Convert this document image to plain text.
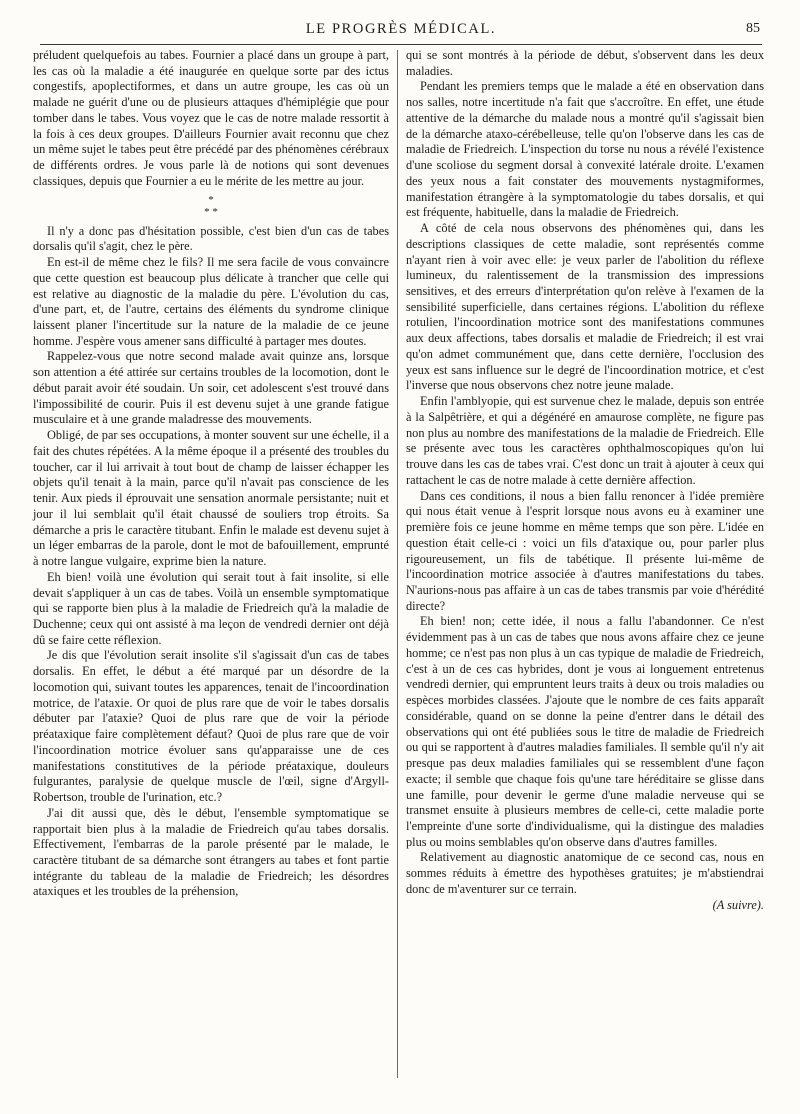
LE PROGRÈS MÉDICAL.	85

préludent quelquefois au tabes. Fournier a placé dans un groupe à part, les cas où la maladie a été inaugurée en quelque sorte par des ictus congestifs, apoplectiformes, et dans un autre groupe, les cas où un malade ne guérit d'une ou de plusieurs attaques d'hémiplégie que pour tomber dans le tabes. Vous voyez que le cas de notre malade ressortit à la fois à ces deux groupes. D'ailleurs Fournier avait reconnu que chez un même sujet le tabes peut être précédé par des phénomènes cérébraux de différents ordres. Je vous parle là de notions qui sont devenues classiques, depuis que Fournier a eu le mérite de les mettre au jour.

*
* *

Il n'y a donc pas d'hésitation possible, c'est bien d'un cas de tabes dorsalis qu'il s'agit, chez le père.

En est-il de même chez le fils? Il me sera facile de vous convaincre que cette question est beaucoup plus délicate à trancher que celle qui est relative au diagnostic de la maladie du père. L'évolution du cas, d'une part, et, de l'autre, certains des éléments du syndrome clinique laissent planer l'incertitude sur la nature de la maladie de ce jeune homme. J'espère vous amener sans difficulté à partager mes doutes.

Rappelez-vous que notre second malade avait quinze ans, lorsque son attention a été attirée sur certains troubles de la locomotion, dont le début parait avoir été soudain. Un soir, cet adolescent s'est trouvé dans l'impossibilité de courir. Puis il est devenu sujet à une grande fatigue musculaire et à une grande maladresse des mouvements.

Obligé, de par ses occupations, à monter souvent sur une échelle, il a fait des chutes répétées. A la même époque il a présenté des troubles du toucher, car il lui arrivait à tout bout de champ de laisser échapper les objets qu'il tenait à la main, parce qu'il n'avait pas conscience de les tenir. Aux pieds il éprouvait une sensation anormale persistante; nuit et jour il lui semblait qu'il était chaussé de souliers trop étroits. Sa démarche a pris le caractère titubant. Enfin le malade est devenu sujet à un léger embarras de la parole, dont le mot de bafouillement, emprunté à notre langue vulgaire, exprime bien la nature.

Eh bien! voilà une évolution qui serait tout à fait insolite, si elle devait s'appliquer à un cas de tabes. Voilà un ensemble symptomatique qui se rapporte bien plus à la maladie de Friedreich qu'à la maladie de Duchenne; ceux qui ont assisté à ma leçon de vendredi dernier ont déjà dû se faire cette réflexion.

Je dis que l'évolution serait insolite s'il s'agissait d'un cas de tabes dorsalis. En effet, le début a été marqué par un désordre de la locomotion qui, suivant toutes les apparences, tenait de l'incoordination motrice, de l'ataxie. Or quoi de plus rare que de voir le tabes dorsalis débuter par l'ataxie? Quoi de plus rare que de voir la période préataxique faire complètement défaut? Quoi de plus rare que de voir l'incoordination motrice évoluer sans qu'apparaisse une de ces manifestations constitutives de la période préataxique, douleurs fulgurantes, paralysie de quelque muscle de l'œil, signe d'Argyll-Robertson, trouble de l'urination, etc.?

J'ai dit aussi que, dès le début, l'ensemble symptomatique se rapportait bien plus à la maladie de Friedreich qu'au tabes dorsalis. Effectivement, l'embarras de la parole présenté par le malade, le caractère titubant de sa démarche sont étrangers au tabes et font partie intégrante du tableau de la maladie de Friedreich; les désordres ataxiques et les troubles de la préhension,

qui se sont montrés à la période de début, s'observent dans les deux maladies.

Pendant les premiers temps que le malade a été en observation dans nos salles, notre incertitude n'a fait que s'accroître. En effet, une étude attentive de la démarche du malade nous a montré qu'il s'agissait bien de la démarche ataxo-cérébelleuse, telle qu'on l'observe dans les cas de maladie de Friedreich. L'inspection du torse nu nous a révélé l'existence d'une scoliose du segment dorsal à convexité latérale droite. L'examen des yeux nous a fait constater des mouvements nystagmiformes, manifestation étrangère à la symptomatologie du tabes dorsalis, et qui est fréquente, habituelle, dans la maladie de Friedreich.

A côté de cela nous observons des phénomènes qui, dans les descriptions classiques de cette maladie, sont représentés comme n'ayant rien à voir avec elle: je veux parler de l'abolition du réflexe lumineux, du ralentissement de la transmission des impressions sensitives, et des erreurs d'interprétation qu'on relève à l'examen de la sensibilité superficielle, dans certaines régions. L'abolition du réflexe rotulien, l'incoordination motrice sont des manifestations communes aux deux affections, tabes dorsalis et maladie de Friedreich; il est vrai qu'on admet communément que, dans cette dernière, l'occlusion des yeux est sans influence sur le degré de l'incoordination motrice, et c'est l'inverse que nous observons chez notre jeune malade.

Enfin l'amblyopie, qui est survenue chez le malade, depuis son entrée à la Salpêtrière, et qui a dégénéré en amaurose complète, ne figure pas non plus au nombre des manifestations de la maladie de Friedreich. Elle se présente avec tous les caractères ophthalmoscopiques qu'on lui trouve dans les cas de tabes vrai. C'est donc un trait à ajouter à ceux qui rattachent le cas de notre malade à cette dernière affection.

Dans ces conditions, il nous a bien fallu renoncer à l'idée première qui nous était venue à l'esprit lorsque nous avons eu à examiner une première fois ce jeune homme en même temps que son père. L'idée en question était celle-ci : voici un fils d'ataxique ou, pour parler plus rigoureusement, un fils de tabétique. Il présente lui-même de l'incoordination motrice associée à d'autres manifestations du tabes. N'aurions-nous pas affaire à un cas de tabes transmis par voie d'hérédité directe?

Eh bien! non; cette idée, il nous a fallu l'abandonner. Ce n'est évidemment pas à un cas de tabes que nous avons affaire chez ce jeune homme; ce n'est pas non plus à un cas typique de maladie de Friedreich, c'est à un de ces cas hybrides, dont je vous ai longuement entretenus vendredi dernier, qui empruntent leurs traits à deux ou trois maladies ou espèces morbides classées. J'ajoute que le nombre de ces faits apparaît considérable, quand on se donne la peine d'entrer dans le détail des observations qui ont été publiées sous le titre de maladie de Friedreich ou qui se rapportent à d'autres maladies familiales. Il semble qu'il n'y ait presque pas deux maladies familiales qui se ressemblent d'une façon exacte; il semble que chaque fois qu'une tare héréditaire se glisse dans une famille, pour devenir le germe d'une maladie nerveuse qui se transmet ensuite à plusieurs membres de celle-ci, cette maladie porte l'empreinte d'une sorte d'individualisme, qui la distingue des maladies plus ou moins semblables qu'on observe dans d'autres familles.

Relativement au diagnostic anatomique de ce second cas, nous en sommes réduits à émettre des hypothèses gratuites; je m'abstiendrai donc de m'aventurer sur ce terrain.

(A suivre).
